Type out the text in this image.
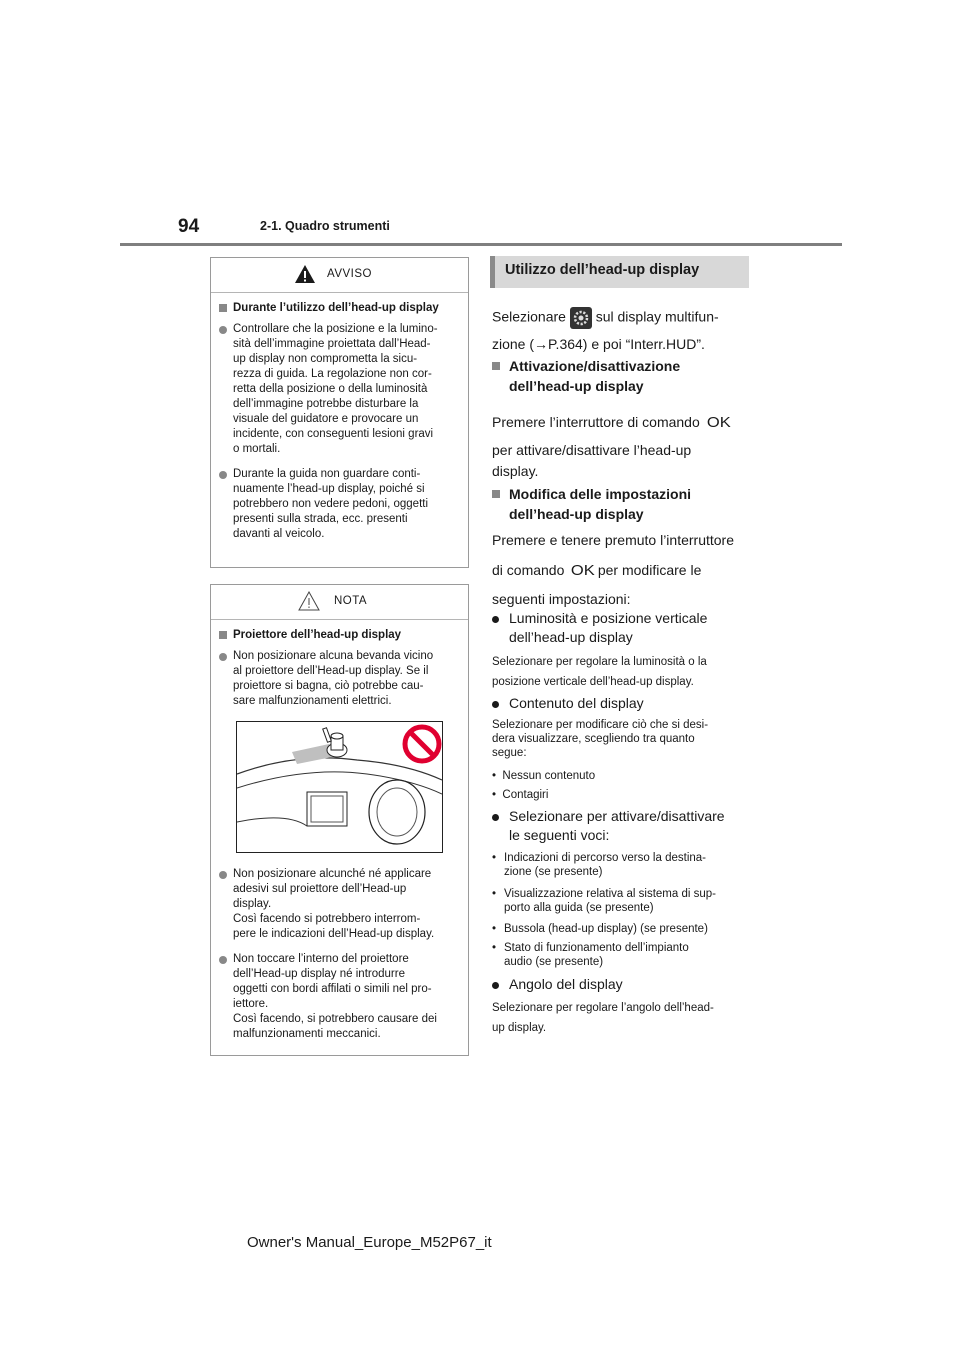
94	2-1. Quadro strumenti
AVVISO
Durante l’utilizzo dell’head-up display
Controllare che la posizione e la lumino-
sità dell’immagine proiettata dall’Head-
up display non comprometta la sicu-
rezza di guida. La regolazione non cor-
retta della posizione o della luminosità
dell’immagine potrebbe disturbare la
visuale del guidatore e provocare un
incidente, con conseguenti lesioni gravi
o mortali.
Durante la guida non guardare conti-
nuamente l’head-up display, poiché si
potrebbero non vedere pedoni, oggetti
presenti sulla strada, ecc. presenti
davanti al veicolo.
NOTA
Proiettore dell’head-up display
Non posizionare alcuna bevanda vicino
al proiettore dell’Head-up display. Se il
proiettore si bagna, ciò potrebbe cau-
sare malfunzionamenti elettrici.
Non posizionare alcunché né applicare
adesivi sul proiettore dell’Head-up
display.
Così facendo si potrebbero interrom-
pere le indicazioni dell’Head-up display.
Non toccare l’interno del proiettore
dell’Head-up display né introdurre
oggetti con bordi affilati o simili nel pro-
iettore.
Così facendo, si potrebbero causare dei
malfunzionamenti meccanici.
Utilizzo dell’head-up display
Selezionare sul display multifun-
zione (→P.364) e poi “Interr.HUD”.
Attivazione/disattivazione
dell’head-up display
Premere l’interruttore di comando OK
per attivare/disattivare l’head-up
display.
Modifica delle impostazioni
dell’head-up display
Premere e tenere premuto l’interruttore
di comando OK per modificare le
seguenti impostazioni:
Luminosità e posizione verticale
dell’head-up display
Selezionare per regolare la luminosità o la
posizione verticale dell’head-up display.
Contenuto del display
Selezionare per modificare ciò che si desi-
dera visualizzare, scegliendo tra quanto
segue:
•  Nessun contenuto
•  Contagiri
Selezionare per attivare/disattivare
le seguenti voci:
• Indicazioni di percorso verso la destina-
zione (se presente)
• Visualizzazione relativa al sistema di sup-
porto alla guida (se presente)
• Bussola (head-up display) (se presente)
• Stato di funzionamento dell’impianto
audio (se presente)
Angolo del display
Selezionare per regolare l’angolo dell’head-
up display.
Owner's Manual_Europe_M52P67_it
